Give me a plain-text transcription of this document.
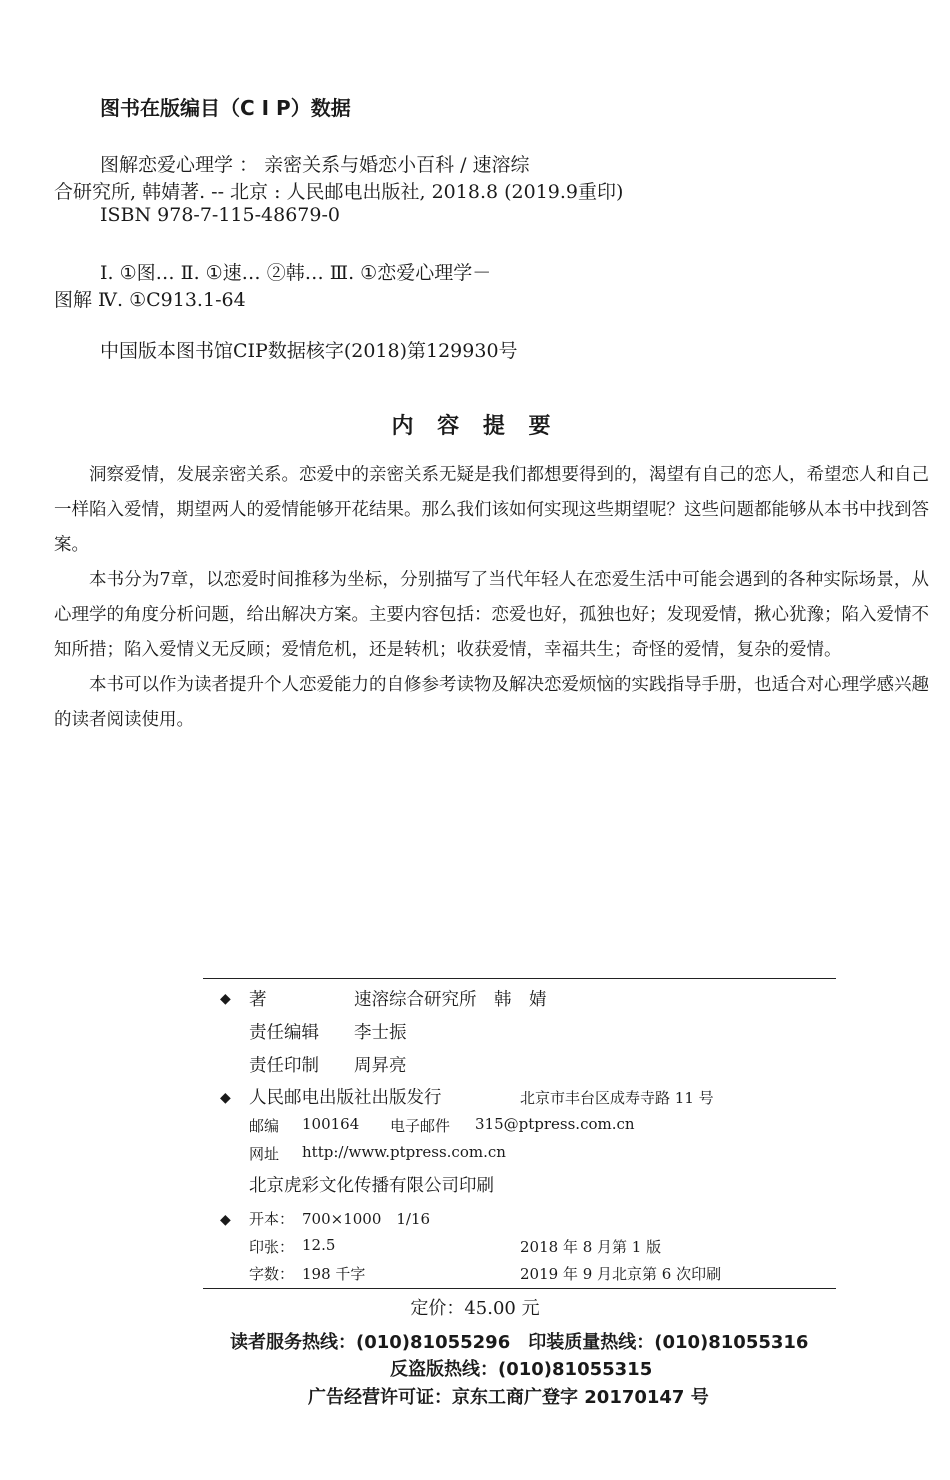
图书在版编目（C I P）数据
图解恋爱心理学 ： 亲密关系与婚恋小百科 / 速溶综
合研究所, 韩婧著. -- 北京 : 人民邮电出版社, 2018.8 (2019.9重印)
ISBN 978-7-115-48679-0
Ⅰ. ①图… Ⅱ. ①速… ②韩… Ⅲ. ①恋爱心理学－
图解 Ⅳ. ①C913.1-64
中国版本图书馆CIP数据核字(2018)第129930号
内 容 提 要

洞察爱情，发展亲密关系。恋爱中的亲密关系无疑是我们都想要得到的，渴望有自己的恋人，希望恋人和自己一样陷入爱情，期望两人的爱情能够开花结果。那么我们该如何实现这些期望呢？这些问题都能够从本书中找到答案。

本书分为7章，以恋爱时间推移为坐标，分别描写了当代年轻人在恋爱生活中可能会遇到的各种实际场景，从心理学的角度分析问题，给出解决方案。主要内容包括：恋爱也好，孤独也好；发现爱情，揪心犹豫；陷入爱情不知所措；陷入爱情义无反顾；爱情危机，还是转机；收获爱情，幸福共生；奇怪的爱情，复杂的爱情。

本书可以作为读者提升个人恋爱能力的自修参考读物及解决恋爱烦恼的实践指导手册，也适合对心理学感兴趣的读者阅读使用。

◆ 著	速溶综合研究所　韩　婧
责任编辑 李士振
责任印制 周昇亮
◆ 人民邮电出版社出版发行	北京市丰台区成寿寺路 11 号
邮编 100164 电子邮件 315@ptpress.com.cn
网址 http://www.ptpress.com.cn
北京虎彩文化传播有限公司印刷
◆ 开本： 700×1000　1/16
印张： 12.5	2018 年 8 月第 1 版
字数： 198 千字	2019 年 9 月北京第 6 次印刷
定价：45.00 元
读者服务热线：(010)81055296　印装质量热线：(010)81055316
反盗版热线：(010)81055315
广告经营许可证：京东工商广登字 20170147 号
